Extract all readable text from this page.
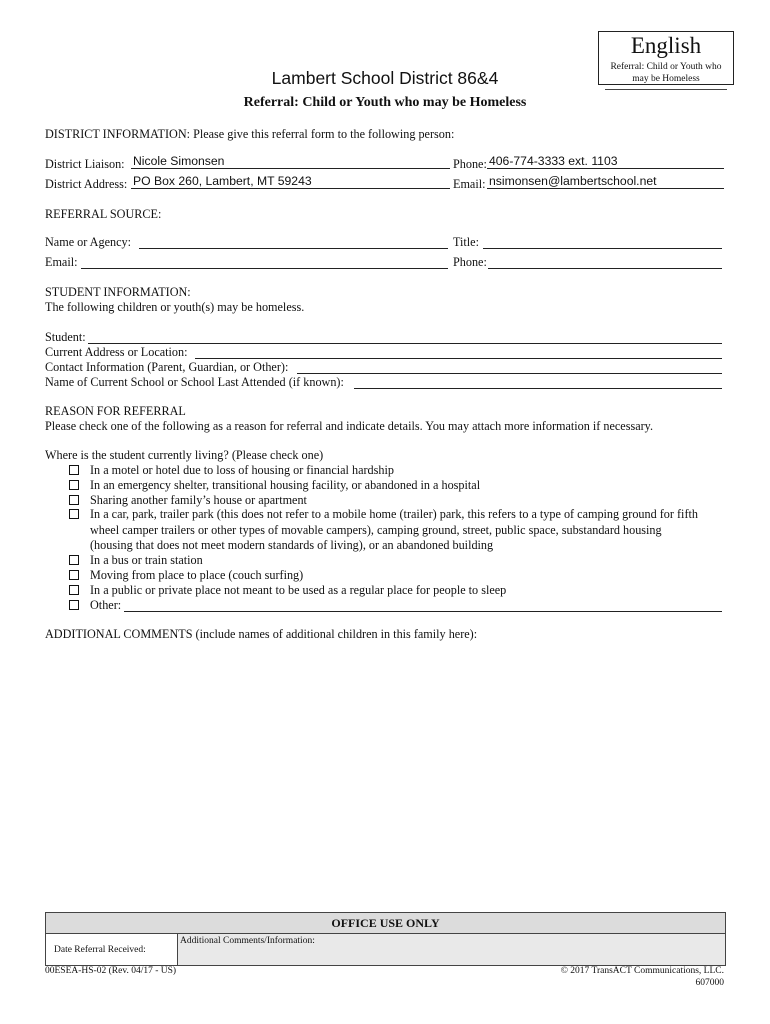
English
Referral: Child or Youth who
may be Homeless
Lambert School District 86&4
Referral: Child or Youth who may be Homeless
DISTRICT INFORMATION: Please give this referral form to the following person:
District Liaison: Nicole Simonsen	Phone: 406-774-3333 ext. 1103
District Address: PO Box 260, Lambert, MT 59243	Email: nsimonsen@lambertschool.net
REFERRAL SOURCE:
Name or Agency:	Title:
Email:	Phone:
STUDENT INFORMATION:
The following children or youth(s) may be homeless.
Student:
Current Address or Location:
Contact Information (Parent, Guardian, or Other):
Name of Current School or School Last Attended (if known):
REASON FOR REFERRAL
Please check one of the following as a reason for referral and indicate details. You may attach more information if necessary.
Where is the student currently living? (Please check one)
In a motel or hotel due to loss of housing or financial hardship
In an emergency shelter, transitional housing facility, or abandoned in a hospital
Sharing another family’s house or apartment
In a car, park, trailer park (this does not refer to a mobile home (trailer) park, this refers to a type of camping ground for fifth
wheel camper trailers or other types of movable campers), camping ground, street, public space, substandard housing
(housing that does not meet modern standards of living), or an abandoned building
In a bus or train station
Moving from place to place (couch surfing)
In a public or private place not meant to be used as a regular place for people to sleep
Other:
ADDITIONAL COMMENTS (include names of additional children in this family here):
OFFICE USE ONLY
Date Referral Received:
Additional Comments/Information:
00ESEA-HS-02 (Rev. 04/17 - US)	© 2017 TransACT Communications, LLC.
607000
